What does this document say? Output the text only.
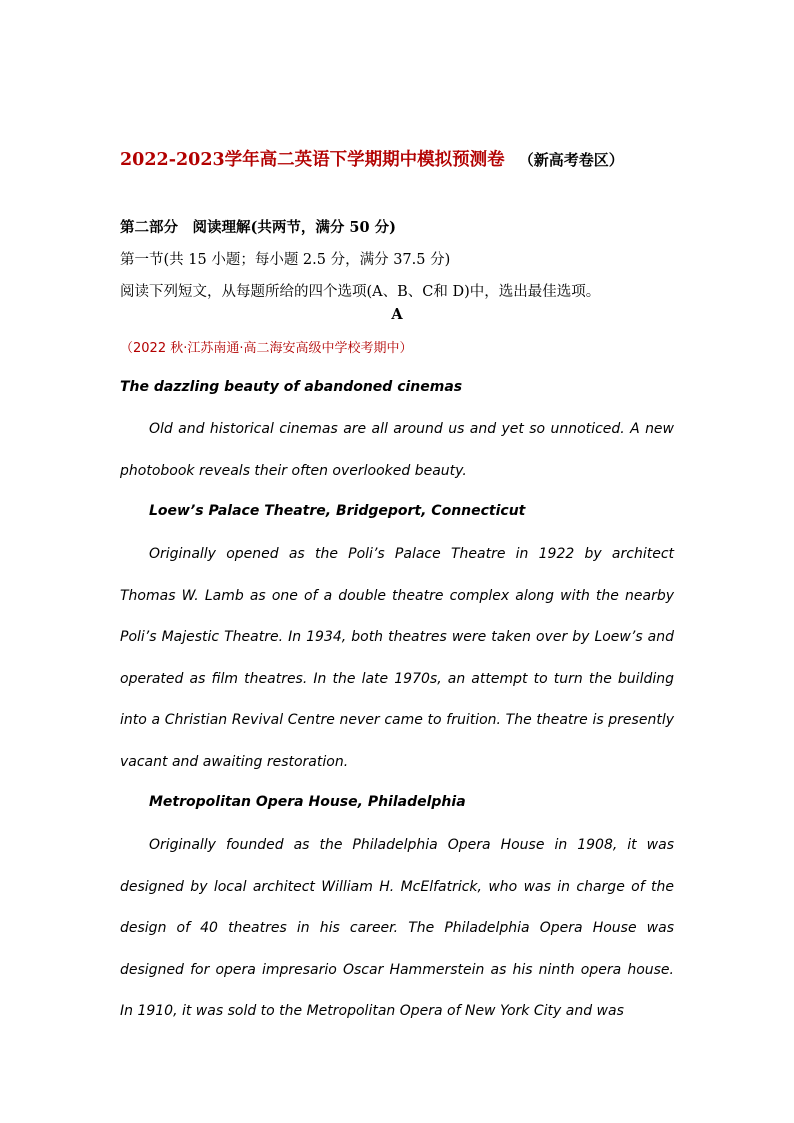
2022-2023学年高二英语下学期期中模拟预测卷 （新高考卷区）
第二部分　阅读理解(共两节，满分 50 分)
第一节(共 15 小题；每小题 2.5 分，满分 37.5 分)
阅读下列短文，从每题所给的四个选项(A、B、C和 D)中，选出最佳选项。
A
（2022 秋·江苏南通·高二海安高级中学校考期中）
The dazzling beauty of abandoned cinemas

Old and historical cinemas are all around us and yet so unnoticed. A new photobook reveals their often overlooked beauty.

Loew’s Palace Theatre, Bridgeport, Connecticut

Originally opened as the Poli’s Palace Theatre in 1922 by architect Thomas W. Lamb as one of a double theatre complex along with the nearby Poli’s Majestic Theatre. In 1934, both theatres were taken over by Loew’s and operated as film theatres. In the late 1970s, an attempt to turn the building into a Christian Revival Centre never came to fruition. The theatre is presently vacant and awaiting restoration.

Metropolitan Opera House, Philadelphia

Originally founded as the Philadelphia Opera House in 1908, it was designed by local architect William H. McElfatrick, who was in charge of the design of 40 theatres in his career. The Philadelphia Opera House was designed for opera impresario Oscar Hammerstein as his ninth opera house. In 1910, it was sold to the Metropolitan Opera of New York City and was
